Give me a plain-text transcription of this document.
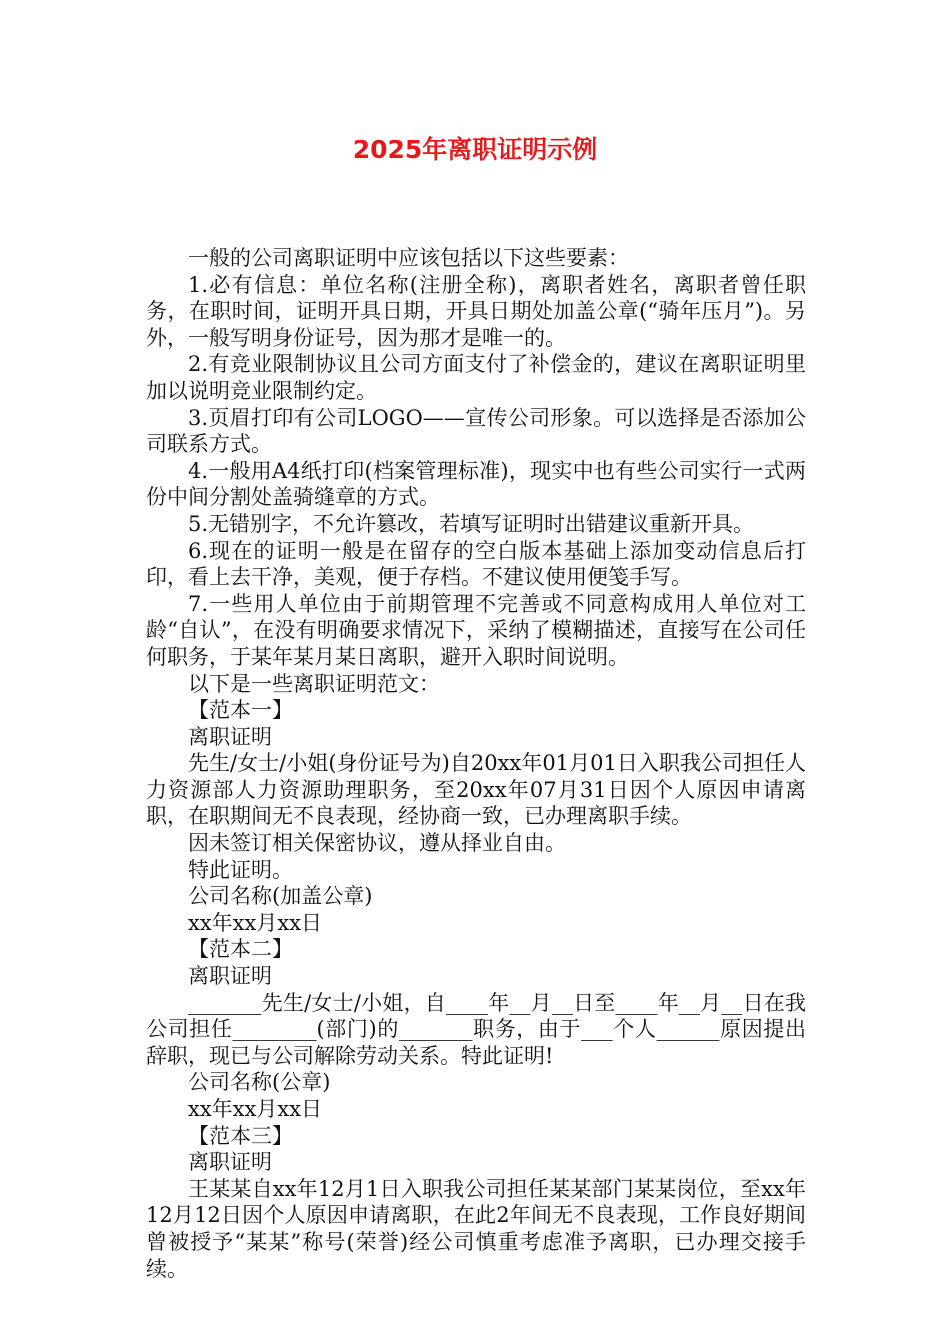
2025年离职证明示例

一般的公司离职证明中应该包括以下这些要素：

1.必有信息：单位名称(注册全称)，离职者姓名，离职者曾任职务，在职时间，证明开具日期，开具日期处加盖公章(“骑年压月”)。另外，一般写明身份证号，因为那才是唯一的。

2.有竞业限制协议且公司方面支付了补偿金的，建议在离职证明里加以说明竞业限制约定。

3.页眉打印有公司LOGO——宣传公司形象。可以选择是否添加公司联系方式。

4.一般用A4纸打印(档案管理标准)，现实中也有些公司实行一式两份中间分割处盖骑缝章的方式。

5.无错别字，不允许篡改，若填写证明时出错建议重新开具。

6.现在的证明一般是在留存的空白版本基础上添加变动信息后打印，看上去干净，美观，便于存档。不建议使用便笺手写。

7.一些用人单位由于前期管理不完善或不同意构成用人单位对工龄“自认”，在没有明确要求情况下，采纳了模糊描述，直接写在公司任何职务，于某年某月某日离职，避开入职时间说明。

以下是一些离职证明范文：

【范本一】

离职证明

先生/女士/小姐(身份证号为)自20xx年01月01日入职我公司担任人力资源部人力资源助理职务，至20xx年07月31日因个人原因申请离职，在职期间无不良表现，经协商一致，已办理离职手续。

因未签订相关保密协议，遵从择业自由。

特此证明。

公司名称(加盖公章)

xx年xx月xx日

【范本二】

离职证明

_______先生/女士/小姐，自____年__月__日至____年__月__日在我公司担任________(部门)的_______职务，由于___个人______原因提出辞职，现已与公司解除劳动关系。特此证明!

公司名称(公章)

xx年xx月xx日

【范本三】

离职证明

王某某自xx年12月1日入职我公司担任某某部门某某岗位，至xx年12月12日因个人原因申请离职，在此2年间无不良表现，工作良好期间曾被授予“某某”称号(荣誉)经公司慎重考虑准予离职，已办理交接手续。
